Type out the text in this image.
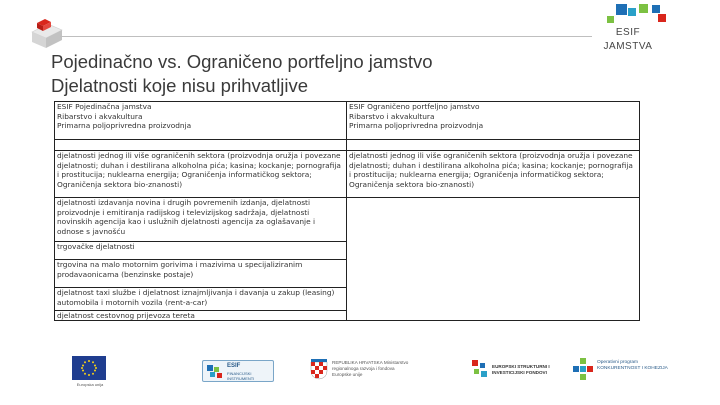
Pojedinačno vs. Ograničeno portfeljno jamstvo
Djelatnosti koje nisu prihvatljive
ESIF JAMSTVA
ESIF Pojedinačna jamstva
Ribarstvo i akvakultura
Primarna poljoprivredna proizvodnja
djelatnosti jednog ili više ograničenih sektora (proizvodnja oružja i povezane djelatnosti; duhan i destilirana alkoholna pića; kasina; kockanje; pornografija i prostitucija; nuklearna energija; Ograničenja informatičkog sektora; Ograničenja sektora bio-znanosti)
djelatnosti izdavanja novina i drugih povremenih izdanja, djelatnosti proizvodnje i emitiranja radijskog i televizijskog sadržaja, djelatnosti novinskih agencija kao i uslužnih djelatnosti agencija za oglašavanje i odnose s javnošću
trgovačke djelatnosti
trgovina na malo motornim gorivima i mazivima u specijaliziranim prodavaonicama (benzinske postaje)
djelatnost taxi službe i djelatnost iznajmljivanja i davanja u zakup (leasing) automobila i motornih vozila (rent-a-car)
djelatnost cestovnog prijevoza tereta
ESIF Ograničeno portfeljno jamstvo
Ribarstvo i akvakultura
Primarna poljoprivredna proizvodnja
djelatnosti jednog ili više ograničenih sektora (proizvodnja oružja i povezane djelatnosti; duhan i destilirana alkoholna pića; kasina; kockanje; pornografija i prostitucija; nuklearna energija; Ograničenja informatičkog sektora; Ograničenja sektora bio-znanosti)
Europska unija
ESIF
FINANCIJSKI INSTRUMENTI
REPUBLIKA HRVATSKA Ministarstvo regionalnoga razvoja i fondova Europske unije
EUROPSKI STRUKTURNI I INVESTICIJSKI FONDOVI
Operativni program KONKURENTNOST I KOHEZIJA
